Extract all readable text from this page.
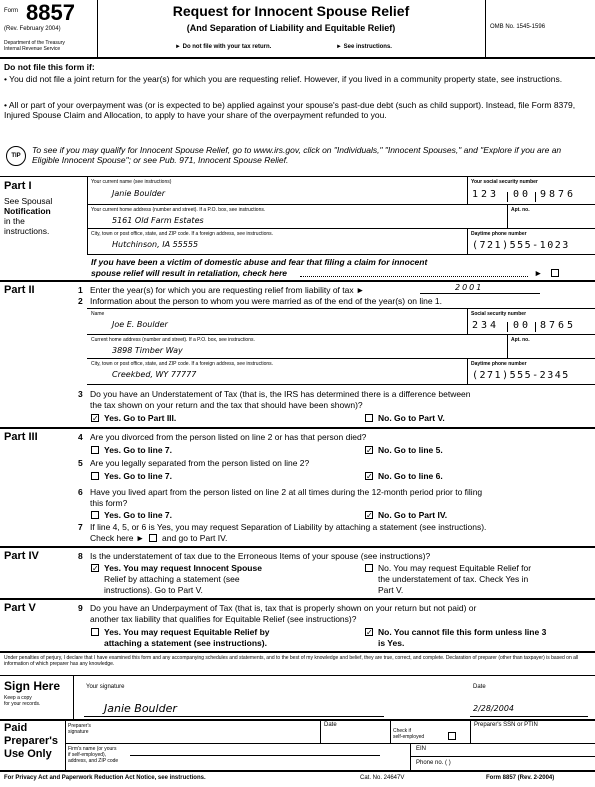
Form 8857
(Rev. February 2004)
Department of the Treasury
Internal Revenue Service
Request for Innocent Spouse Relief
(And Separation of Liability and Equitable Relief)
► Do not file with your tax return.	► See instructions.
OMB No. 1545-1596
Do not file this form if:
• You did not file a joint return for the year(s) for which you are requesting relief. However, if you lived in a community property state, see instructions.
• All or part of your overpayment was (or is expected to be) applied against your spouse's past-due debt (such as child support). Instead, file Form 8379, Injured Spouse Claim and Allocation, to apply to have your share of the overpayment refunded to you.
TIP
To see if you may qualify for Innocent Spouse Relief, go to www.irs.gov, click on "Individuals," "Innocent Spouses," and "Explore if you are an Eligible Innocent Spouse"; or see Pub. 971, Innocent Spouse Relief.
Part I
See Spousal
Notification
in the
instructions.
Your current name (see instructions)
Janie Boulder
Your social security number
123 00 9876
Your current home address (number and street). If a P.O. box, see instructions.
5161 Old Farm Estates
Apt. no.
City, town or post office, state, and ZIP code. If a foreign address, see instructions.
Hutchinson, IA 55555
Daytime phone number
(721)555-1023
If you have been a victim of domestic abuse and fear that filing a claim for innocent
spouse relief will result in retaliation, check here	►
Part II	1 Enter the year(s) for which you are requesting relief from liability of tax ►	2001
2 Information about the person to whom you were married as of the end of the year(s) on line 1.
Name
Joe E. Boulder
Social security number
234 00 8765
Current home address (number and street). If a P.O. box, see instructions.
3898 Timber Way
Apt. no.
City, town or post office, state, and ZIP code. If a foreign address, see instructions.
Creekbed, WY 77777
Daytime phone number
(271)555-2345
3 Do you have an Understatement of Tax (that is, the IRS has determined there is a difference between
the tax shown on your return and the tax that should have been shown)?
✓ Yes. Go to Part III.	No. Go to Part V.
Part III	4 Are you divorced from the person listed on line 2 or has that person died?
Yes. Go to line 7.	✓ No. Go to line 5.
5 Are you legally separated from the person listed on line 2?
Yes. Go to line 7.	✓ No. Go to line 6.
6 Have you lived apart from the person listed on line 2 at all times during the 12-month period prior to filing
this form?
Yes. Go to line 7.	✓ No. Go to Part IV.
7 If line 4, 5, or 6 is Yes, you may request Separation of Liability by attaching a statement (see instructions).
Check here ► and go to Part IV.
Part IV	8 Is the understatement of tax due to the Erroneous Items of your spouse (see instructions)?
✓ Yes. You may request Innocent Spouse
Relief by attaching a statement (see
instructions). Go to Part V.
No. You may request Equitable Relief for
the understatement of tax. Check Yes in
Part V.
Part V	9 Do you have an Underpayment of Tax (that is, tax that is properly shown on your return but not paid) or
another tax liability that qualifies for Equitable Relief (see instructions)?
Yes. You may request Equitable Relief by
attaching a statement (see instructions).
✓ No. You cannot file this form unless line 3
is Yes.
Under penalties of perjury, I declare that I have examined this form and any accompanying schedules and statements, and to the best of my knowledge and belief, they are true, correct, and complete. Declaration of preparer (other than taxpayer) is based on all information of which preparer has any knowledge.
Sign Here
Keep a copy
for your records.
Your signature
Janie Boulder
Date
2/28/2004
Paid
Preparer's
Use Only
Preparer's
signature
Date
Check if
self-employed
Preparer's SSN or PTIN
Firm's name (or yours
if self-employed),
address, and ZIP code
EIN
Phone no. ( )
For Privacy Act and Paperwork Reduction Act Notice, see instructions.	Cat. No. 24647V	Form 8857 (Rev. 2-2004)
